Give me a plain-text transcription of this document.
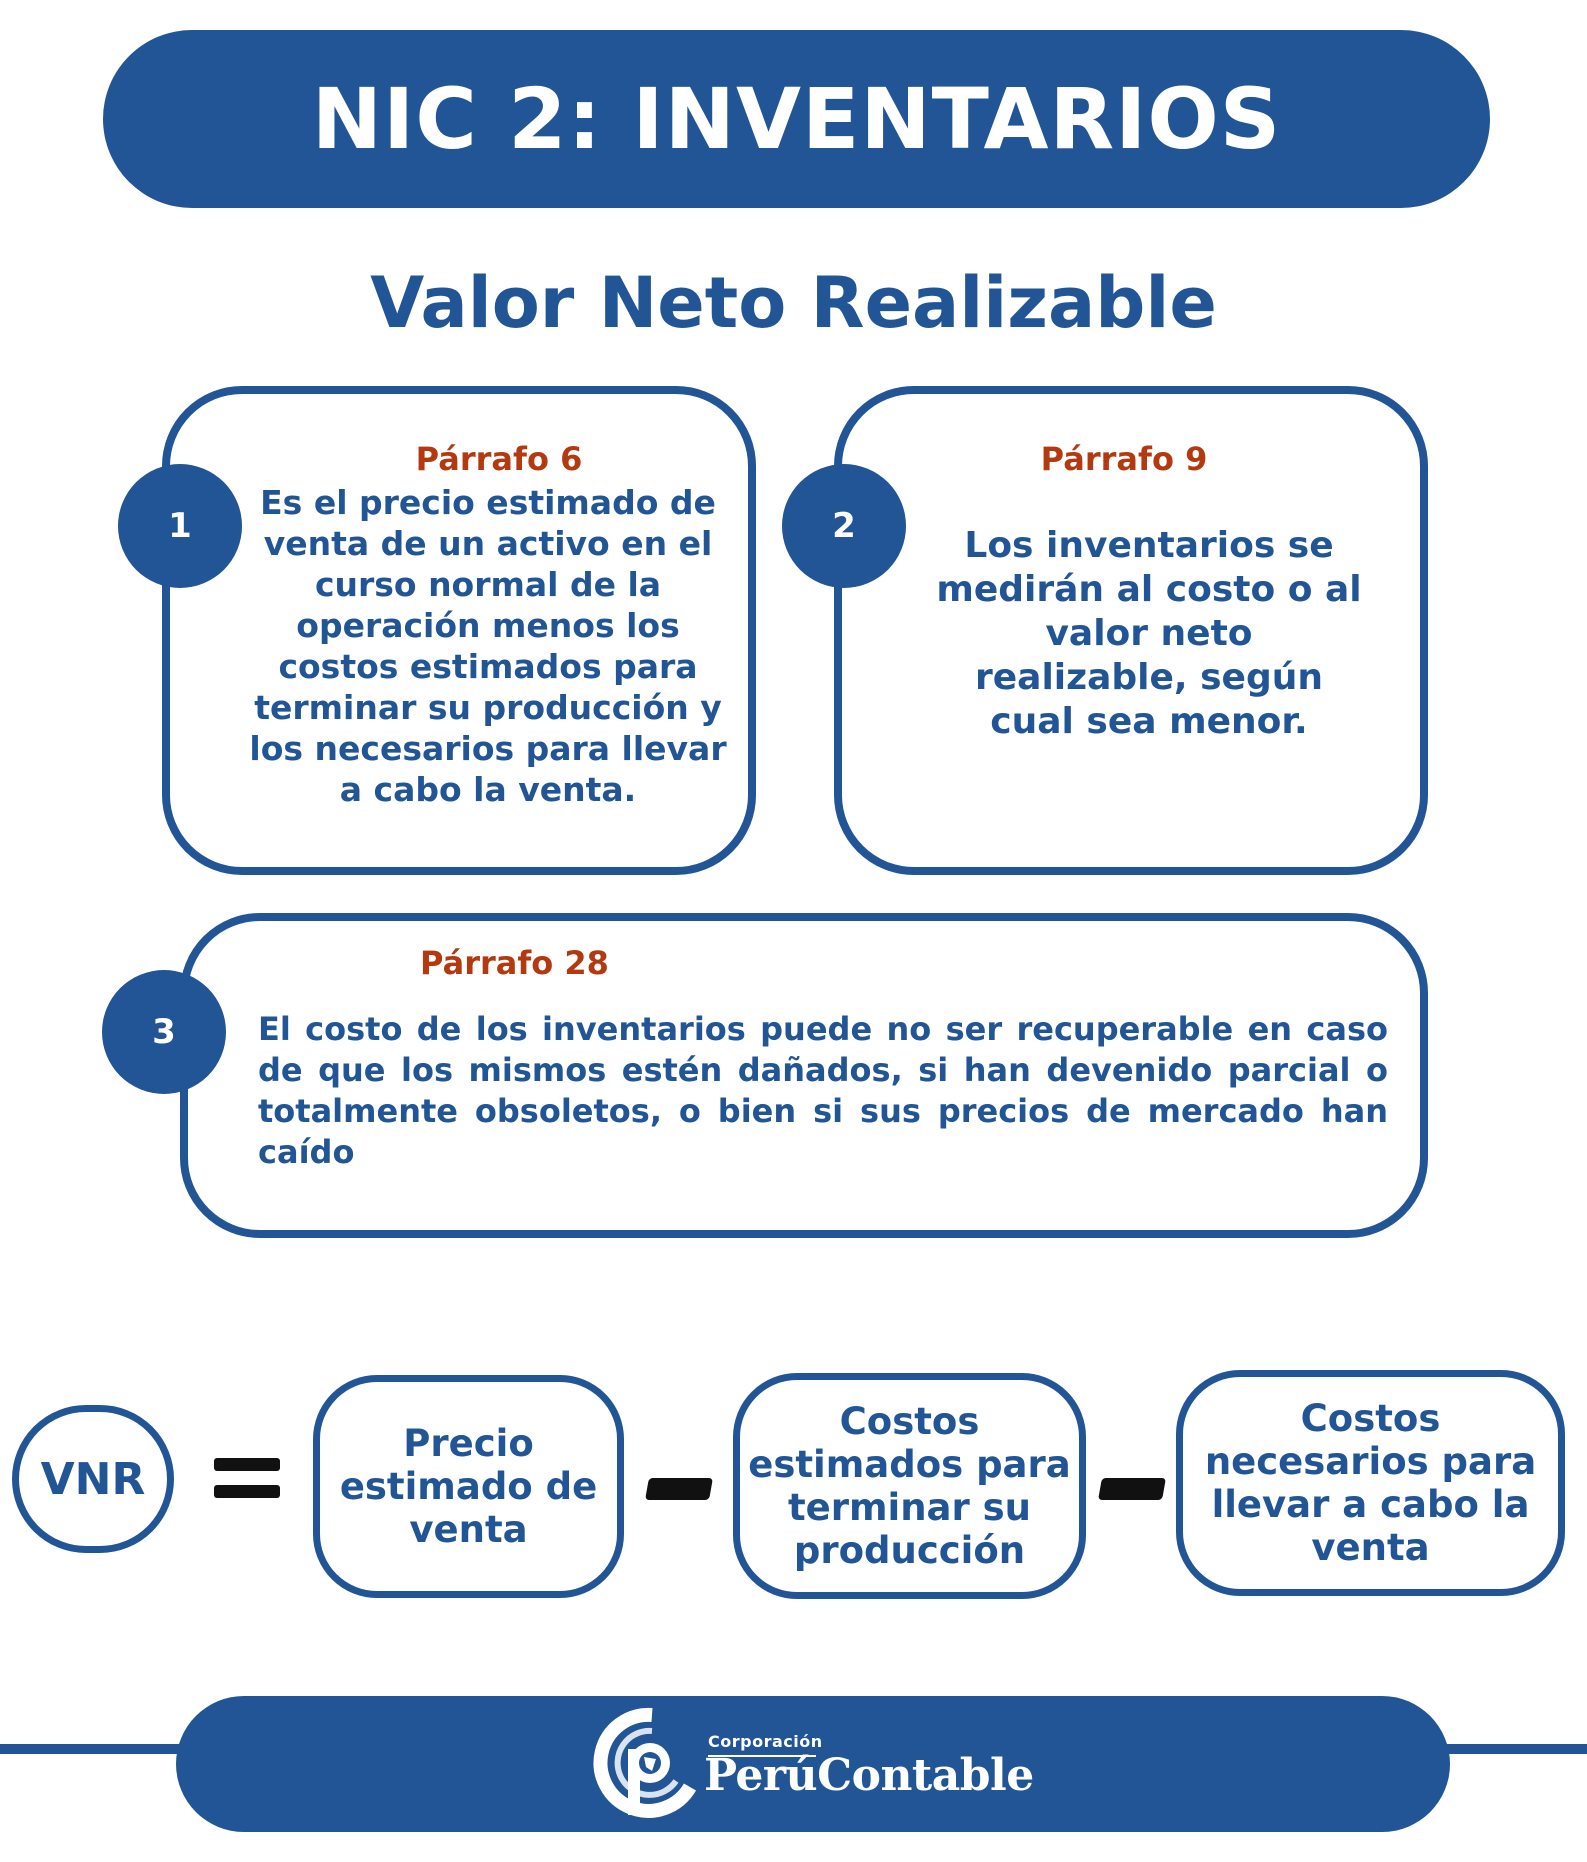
NIC 2: INVENTARIOS
Valor Neto Realizable
Párrafo 6
Es el precio estimado de venta de un activo en el curso normal de la operación menos los costos estimados para terminar su producción y los necesarios para llevar a cabo la venta.
1
Párrafo 9
Los inventarios se medirán al costo o al valor neto realizable, según cual sea menor.
2
Párrafo 28
El costo de los inventarios puede no ser recuperable en caso de que los mismos estén dañados, si han devenido parcial o totalmente obsoletos, o bien si sus precios de mercado han caído
3
VNR
Precio estimado de venta
Costos estimados para terminar su producción
Costos necesarios para llevar a cabo la venta
Corporación
PerúContable
